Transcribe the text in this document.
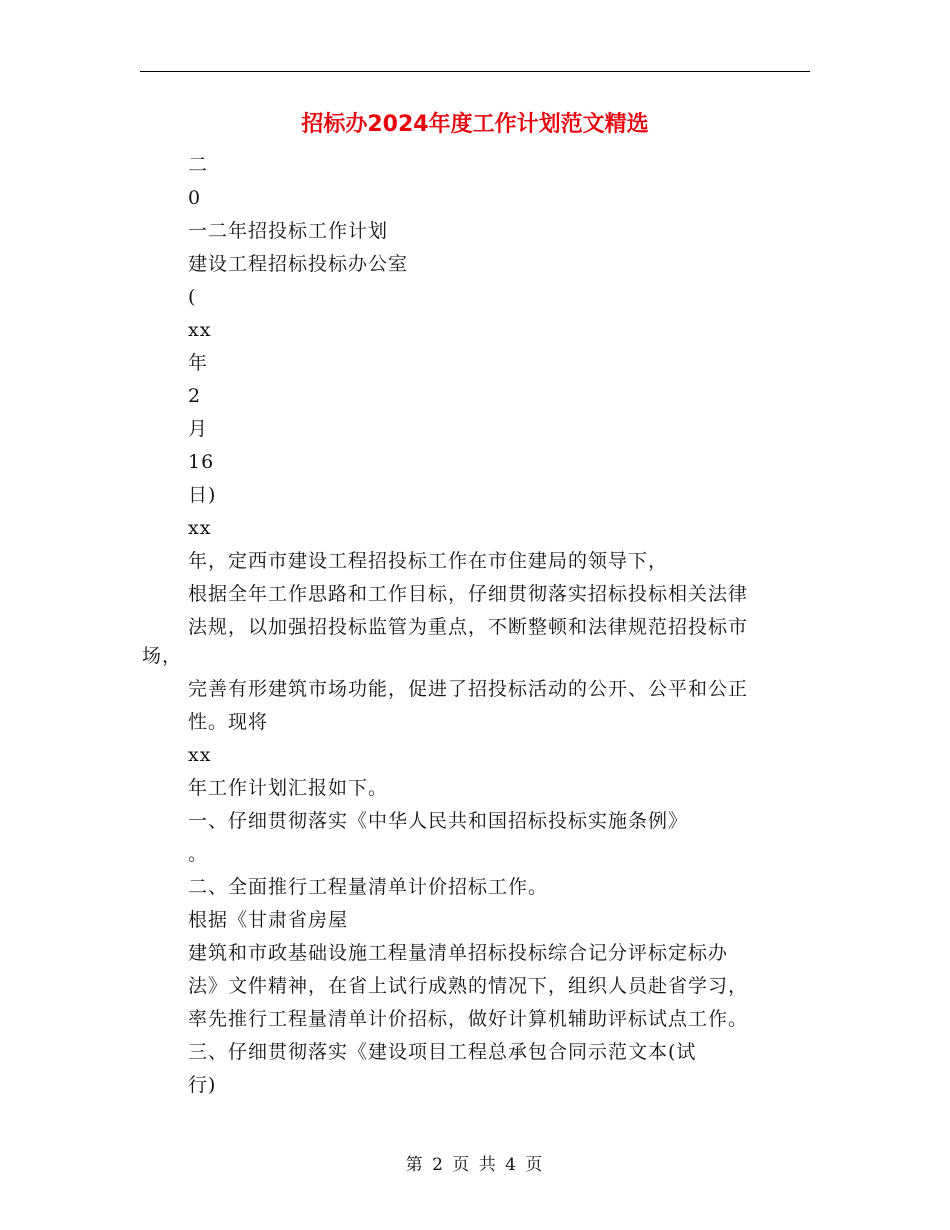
招标办2024年度工作计划范文精选
二
0
一二年招投标工作计划
建设工程招标投标办公室
(
xx
年
2
月
16
日)
xx
年，定西市建设工程招投标工作在市住建局的领导下，
根据全年工作思路和工作目标，仔细贯彻落实招标投标相关法律
法规，以加强招投标监管为重点，不断整顿和法律规范招投标市
场，
完善有形建筑市场功能，促进了招投标活动的公开、公平和公正
性。现将
xx
年工作计划汇报如下。
一、仔细贯彻落实《中华人民共和国招标投标实施条例》
。
二、全面推行工程量清单计价招标工作。
根据《甘肃省房屋
建筑和市政基础设施工程量清单招标投标综合记分评标定标办
法》文件精神，在省上试行成熟的情况下，组织人员赴省学习，
率先推行工程量清单计价招标，做好计算机辅助评标试点工作。
三、仔细贯彻落实《建设项目工程总承包合同示范文本(试
行)
第 2 页 共 4 页
